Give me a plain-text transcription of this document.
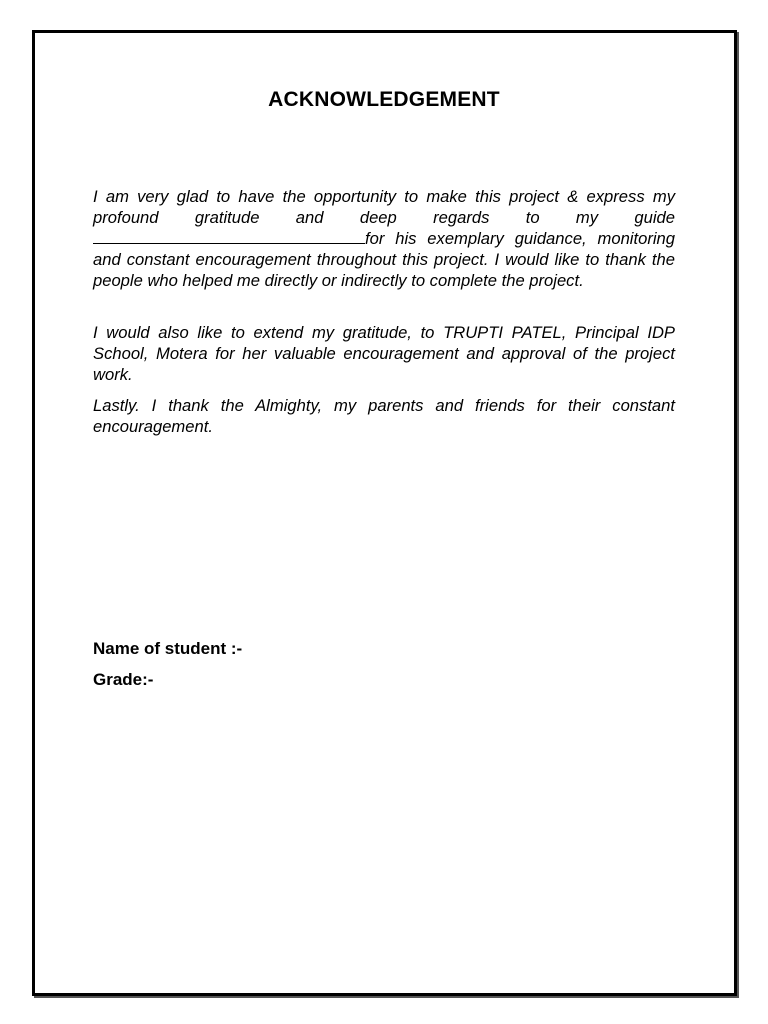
ACKNOWLEDGEMENT
I am very glad to have the opportunity to make this project & express my profound gratitude and deep regards to my guidefor his exemplary guidance, monitoring and constant encouragement throughout this project. I would like to thank the people who helped me directly or indirectly to complete the project.
I would also like to extend my gratitude, to TRUPTI PATEL, Principal IDP School, Motera for her valuable encouragement and approval of the project work.
Lastly. I thank the Almighty, my parents and friends for their constant encouragement.
Name of student :-
Grade:-
